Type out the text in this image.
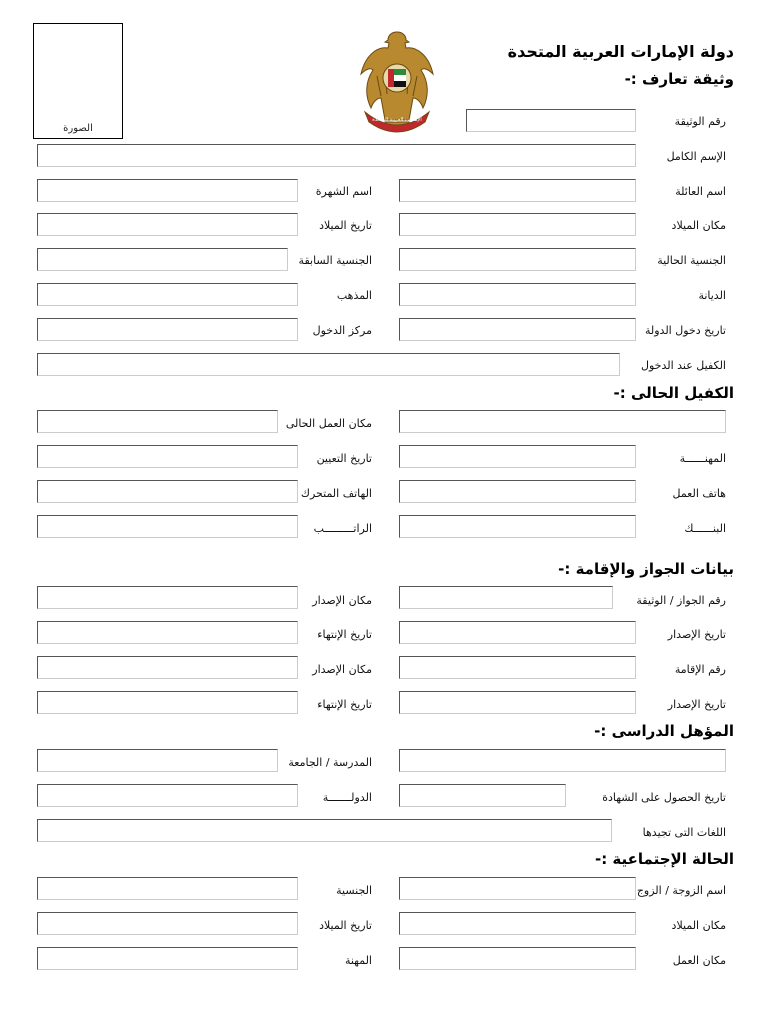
الصورة
الإمارات العربية المتحدة
دولة الإمارات العربية المتحدة
وثيقة تعارف :-
رقم الوثيقة
الإسم الكامل
اسم الشهرة	اسم العائلة
تاريخ الميلاد	مكان الميلاد
الجنسية السابقة	الجنسية الحالية
المذهب	الديانة
مركز الدخول	تاريخ دخول الدولة
الكفيل عند الدخول
الكفيل الحالى :-
مكان العمل الحالى
تاريخ التعيين	المهنــــــة
الهاتف المتحرك	هاتف العمل
الراتـــــــــب	البنــــــك
بيانات الجواز والإقامة :-
مكان الإصدار	رقم الجواز / الوثيقة
تاريخ الإنتهاء	تاريخ الإصدار
مكان الإصدار	رقم الإقامة
تاريخ الإنتهاء	تاريخ الإصدار
المؤهل الدراسى :-
المدرسة / الجامعة
الدولـــــــة	تاريخ الحصول على الشهادة
اللغات التى تجيدها
الحالة الإجتماعية :-
الجنسية	اسم الزوجة / الزوج
تاريخ الميلاد	مكان الميلاد
المهنة	مكان العمل
